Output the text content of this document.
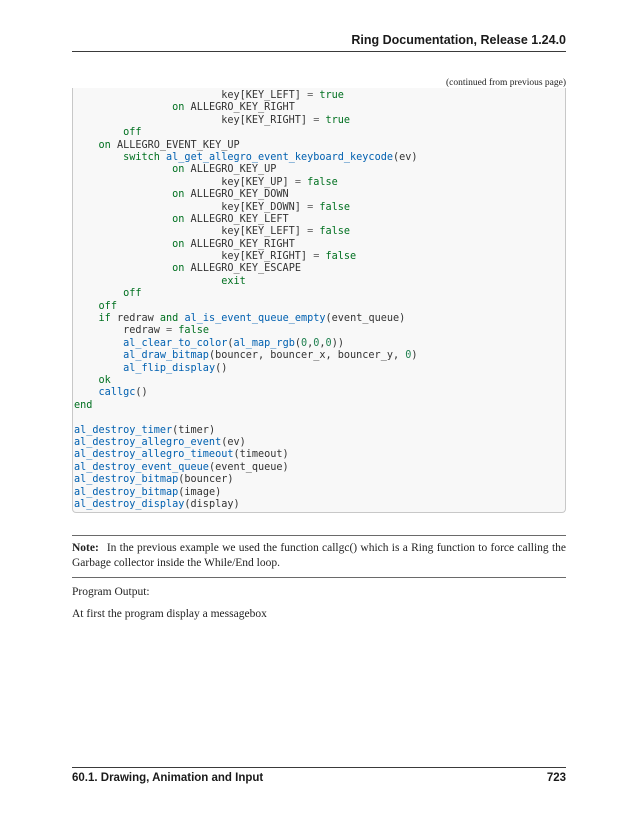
Ring Documentation, Release 1.24.0
(continued from previous page)
key[KEY_LEFT] = true
on ALLEGRO_KEY_RIGHT
key[KEY_RIGHT] = true
off
on ALLEGRO_EVENT_KEY_UP
switch al_get_allegro_event_keyboard_keycode(ev)
on ALLEGRO_KEY_UP
key[KEY_UP] = false
on ALLEGRO_KEY_DOWN
key[KEY_DOWN] = false
on ALLEGRO_KEY_LEFT
key[KEY_LEFT] = false
on ALLEGRO_KEY_RIGHT
key[KEY_RIGHT] = false
on ALLEGRO_KEY_ESCAPE
exit
off
off
if redraw and al_is_event_queue_empty(event_queue)
redraw = false
al_clear_to_color(al_map_rgb(0,0,0))
al_draw_bitmap(bouncer, bouncer_x, bouncer_y, 0)
al_flip_display()
ok
callgc()
end
al_destroy_timer(timer)
al_destroy_allegro_event(ev)
al_destroy_allegro_timeout(timeout)
al_destroy_event_queue(event_queue)
al_destroy_bitmap(bouncer)
al_destroy_bitmap(image)
al_destroy_display(display)
Note: In the previous example we used the function callgc() which is a Ring function to force calling the Garbage collector inside the While/End loop.
Program Output:
At first the program display a messagebox
60.1. Drawing, Animation and Input	723
